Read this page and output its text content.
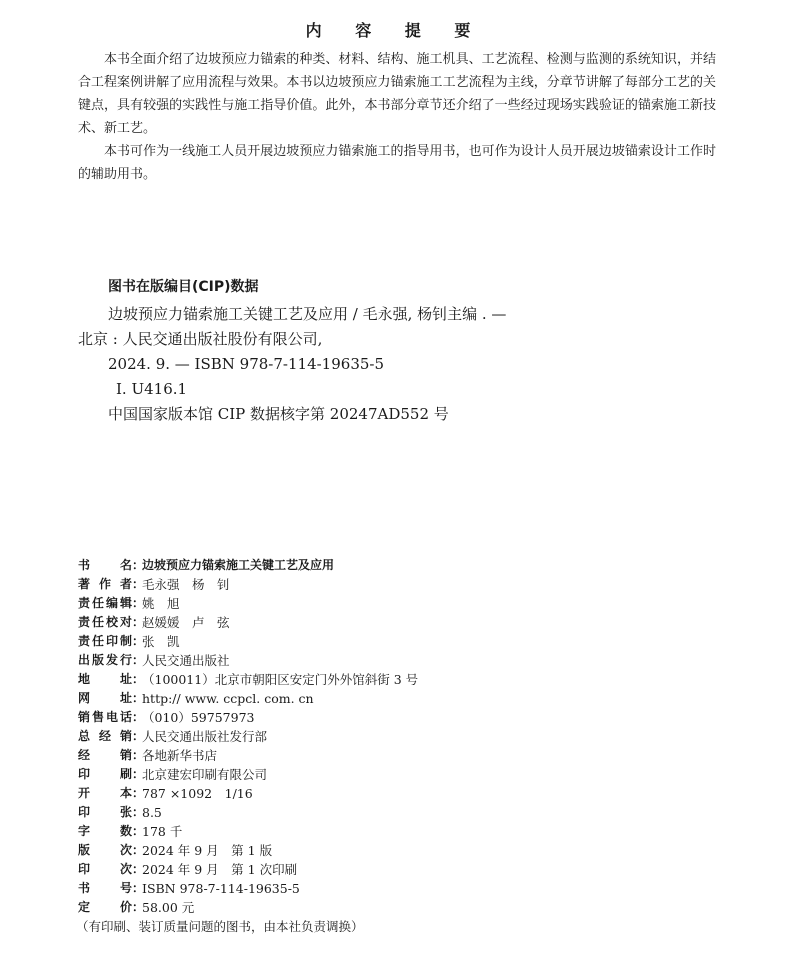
内 容 提 要

本书全面介绍了边坡预应力锚索的种类、材料、结构、施工机具、工艺流程、检测与监测的系统知识，并结合工程案例讲解了应用流程与效果。本书以边坡预应力锚索施工工艺流程为主线，分章节讲解了每部分工艺的关键点，具有较强的实践性与施工指导价值。此外，本书部分章节还介绍了一些经过现场实践验证的锚索施工新技术、新工艺。

本书可作为一线施工人员开展边坡预应力锚索施工的指导用书，也可作为设计人员开展边坡锚索设计工作时的辅助用书。

图书在版编目(CIP)数据
边坡预应力锚索施工关键工艺及应用 / 毛永强, 杨钊主编 . — 北京 : 人民交通出版社股份有限公司,
2024. 9. — ISBN 978-7-114-19635-5
Ⅰ. U416.1
中国国家版本馆 CIP 数据核字第 20247AD552 号
书 名 ：
边坡预应力锚索施工关键工艺及应用
著 作 者 ：
毛永强　杨　钊
责 任 编 辑 ：
姚　旭
责 任 校 对 ：
赵媛媛　卢　弦
责 任 印 制 ：
张　凯
出 版 发 行 ：
人民交通出版社
地 址 ：
（100011）北京市朝阳区安定门外外馆斜街 3 号
网 址 ：
http:// www. ccpcl. com. cn
销 售 电 话 ：
（010）59757973
总 经 销 ：
人民交通出版社发行部
经 销 ：
各地新华书店
印 刷 ：
北京建宏印刷有限公司
开 本 ：
787 ×1092　1/16
印 张 ：
8.5
字 数 ：
178 千
版 次 ：
2024 年 9 月　第 1 版
印 次 ：
2024 年 9 月　第 1 次印刷
书 号 ：
ISBN 978-7-114-19635-5
定 价 ：
58.00 元
（有印刷、装订质量问题的图书，由本社负责调换）
